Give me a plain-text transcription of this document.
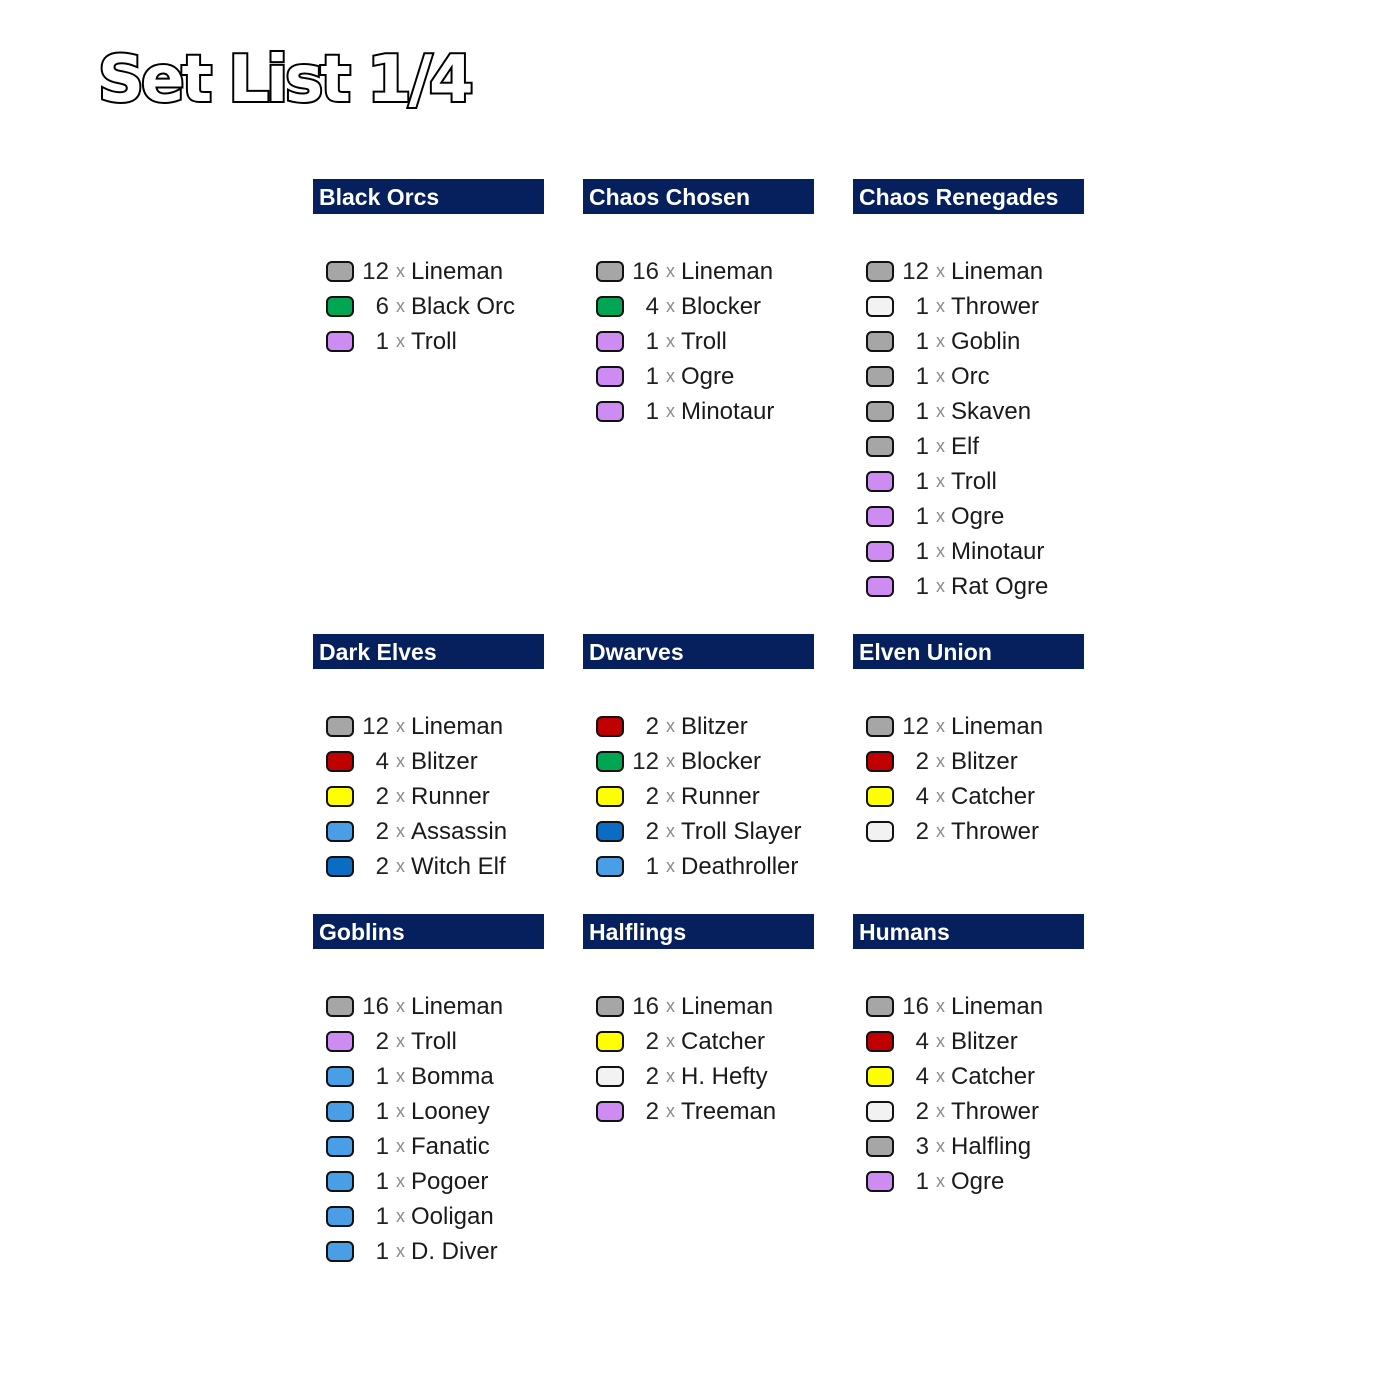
Set List 1/4
Black Orcs
12 x Lineman
6 x Black Orc
1 x Troll
Chaos Chosen
16 x Lineman
4 x Blocker
1 x Troll
1 x Ogre
1 x Minotaur
Chaos Renegades
12 x Lineman
1 x Thrower
1 x Goblin
1 x Orc
1 x Skaven
1 x Elf
1 x Troll
1 x Ogre
1 x Minotaur
1 x Rat Ogre
Dark Elves
12 x Lineman
4 x Blitzer
2 x Runner
2 x Assassin
2 x Witch Elf
Dwarves
2 x Blitzer
12 x Blocker
2 x Runner
2 x Troll Slayer
1 x Deathroller
Elven Union
12 x Lineman
2 x Blitzer
4 x Catcher
2 x Thrower
Goblins
16 x Lineman
2 x Troll
1 x Bomma
1 x Looney
1 x Fanatic
1 x Pogoer
1 x Ooligan
1 x D. Diver
Halflings
16 x Lineman
2 x Catcher
2 x H. Hefty
2 x Treeman
Humans
16 x Lineman
4 x Blitzer
4 x Catcher
2 x Thrower
3 x Halfling
1 x Ogre
